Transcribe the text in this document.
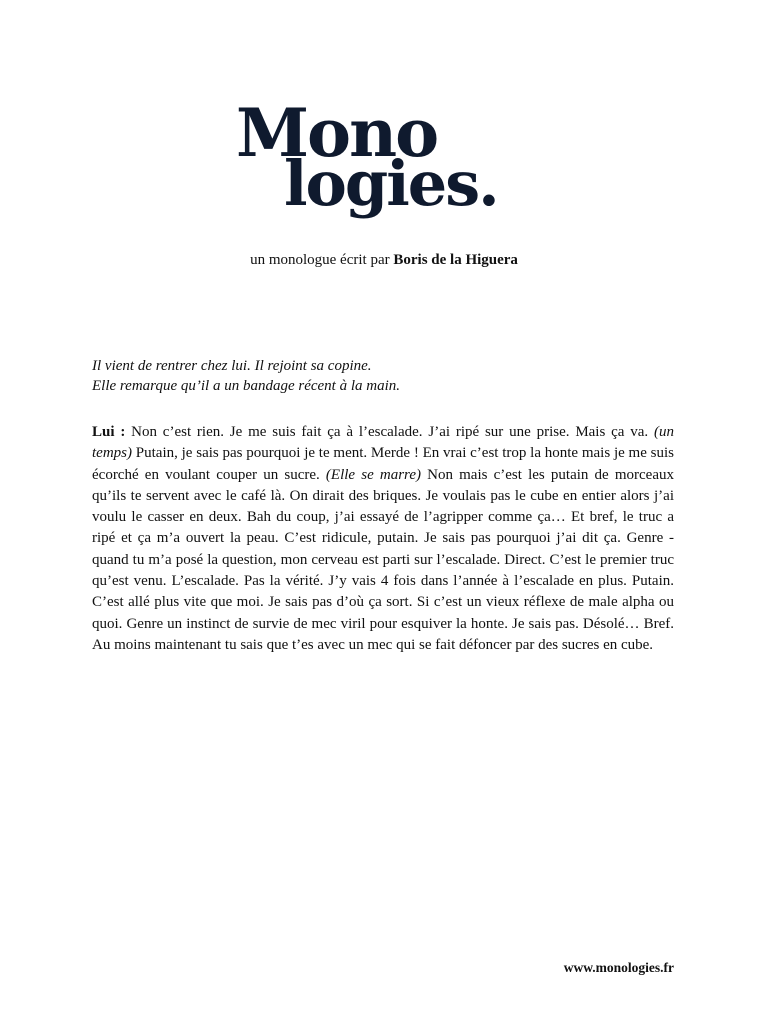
Mono
logies.
un monologue écrit par Boris de la Higuera

Il vient de rentrer chez lui. Il rejoint sa copine.

Elle remarque qu’il a un bandage récent à la main.

Lui : Non c’est rien. Je me suis fait ça à l’escalade. J’ai ripé sur une prise. Mais ça va. (un temps) Putain, je sais pas pourquoi je te ment. Merde ! En vrai c’est trop la honte mais je me suis écorché en voulant couper un sucre. (Elle se marre) Non mais c’est les putain de morceaux qu’ils te servent avec le café là. On dirait des briques. Je voulais pas le cube en entier alors j’ai voulu le casser en deux. Bah du coup, j’ai essayé de l’agripper comme ça… Et bref, le truc a ripé et ça m’a ouvert la peau. C’est ridicule, putain. Je sais pas pourquoi j’ai dit ça. Genre - quand tu m’a posé la question, mon cerveau est parti sur l’escalade. Direct. C’est le premier truc qu’est venu. L’escalade. Pas la vérité. J’y vais 4 fois dans l’année à l’escalade en plus. Putain. C’est allé plus vite que moi. Je sais pas d’où ça sort. Si c’est un vieux réflexe de male alpha ou quoi. Genre un instinct de survie de mec viril pour esquiver la honte. Je sais pas. Désolé… Bref. Au moins maintenant tu sais que t’es avec un mec qui se fait défoncer par des sucres en cube.

www.monologies.fr
